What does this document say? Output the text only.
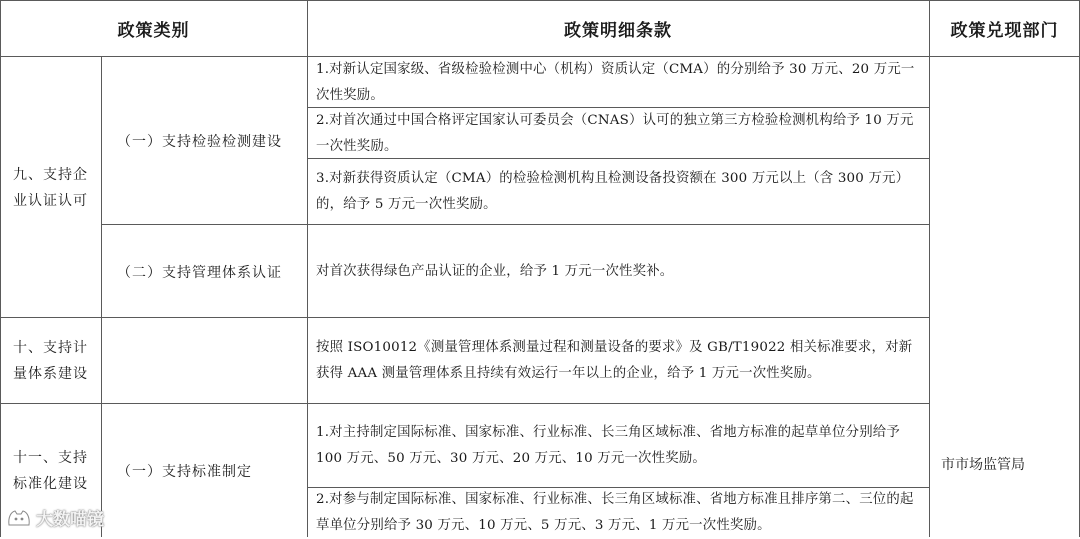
政策类别	政策明细条款	政策兑现部门
九、支持企业认证认可
十、支持计量体系建设
十一、支持标准化建设
（一）支持检验检测建设
（二）支持管理体系认证
（一）支持标准制定
1.对新认定国家级、省级检验检测中心（机构）资质认定（CMA）的分别给予 30 万元、20 万元一次性奖励。
2.对首次通过中国合格评定国家认可委员会（CNAS）认可的独立第三方检验检测机构给予 10 万元一次性奖励。
3.对新获得资质认定（CMA）的检验检测机构且检测设备投资额在 300 万元以上（含 300 万元）的，给予 5 万元一次性奖励。
对首次获得绿色产品认证的企业，给予 1 万元一次性奖补。
按照 ISO10012《测量管理体系测量过程和测量设备的要求》及 GB/T19022 相关标准要求，对新获得 AAA 测量管理体系且持续有效运行一年以上的企业，给予 1 万元一次性奖励。
1.对主持制定国际标准、国家标准、行业标准、长三角区域标准、省地方标准的起草单位分别给予 100 万元、50 万元、30 万元、20 万元、10 万元一次性奖励。
2.对参与制定国际标准、国家标准、行业标准、长三角区域标准、省地方标准且排序第二、三位的起草单位分别给予 30 万元、10 万元、5 万元、3 万元、1 万元一次性奖励。
市市场监管局
大数喵镜
